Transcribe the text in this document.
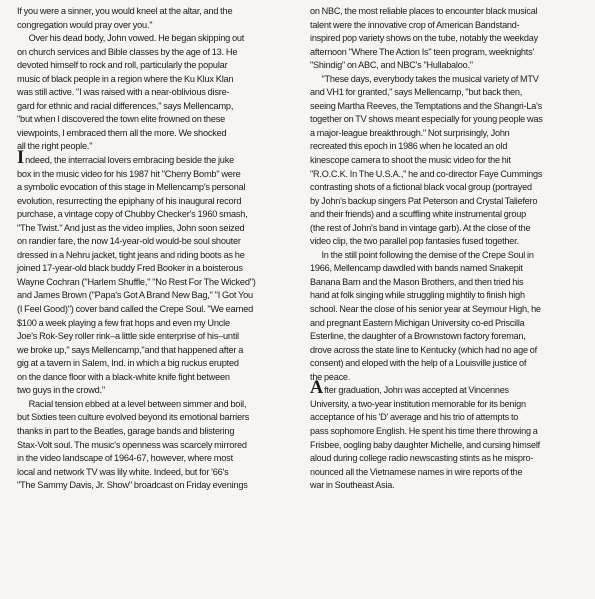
If you were a sinner, you would kneel at the altar, and the
congregation would pray over you."
Over his dead body, John vowed. He began skipping out
on church services and Bible classes by the age of 13. He
devoted himself to rock and roll, particularly the popular
music of black people in a region where the Ku Klux Klan
was still active. "I was raised with a near-oblivious disre-
gard for ethnic and racial differences," says Mellencamp,
"but when I discovered the town elite frowned on these
viewpoints, I embraced them all the more. We shocked
all the right people."
Indeed, the interracial lovers embracing beside the juke
box in the music video for his 1987 hit "Cherry Bomb" were
a symbolic evocation of this stage in Mellencamp's personal
evolution, resurrecting the epiphany of his inaugural record
purchase, a vintage copy of Chubby Checker's 1960 smash,
"The Twist." And just as the video implies, John soon seized
on randier fare, the now 14-year-old would-be soul shouter
dressed in a Nehru jacket, tight jeans and riding boots as he
joined 17-year-old black buddy Fred Booker in a boisterous
Wayne Cochran ("Harlem Shuffle," "No Rest For The Wicked")
and James Brown ("Papa's Got A Brand New Bag," "I Got You
(I Feel Good)") cover band called the Crepe Soul. "We earned
$100 a week playing a few frat hops and even my Uncle
Joe's Rok-Sey roller rink–a little side enterprise of his–until
we broke up," says Mellencamp,"and that happened after a
gig at a tavern in Salem, Ind. in which a big ruckus erupted
on the dance floor with a black-white knife fight between
two guys in the crowd."
Racial tension ebbed at a level between simmer and boil,
but Sixties teen culture evolved beyond its emotional barriers
thanks in part to the Beatles, garage bands and blistering
Stax-Volt soul. The music's openness was scarcely mirrored
in the video landscape of 1964-67, however, where most
local and network TV was lily white. Indeed, but for '66's
"The Sammy Davis, Jr. Show" broadcast on Friday evenings
on NBC, the most reliable places to encounter black musical
talent were the innovative crop of American Bandstand-
inspired pop variety shows on the tube, notably the weekday
afternoon "Where The Action Is" teen program, weeknights'
"Shindig" on ABC, and NBC's "Hullabaloo."
"These days, everybody takes the musical variety of MTV
and VH1 for granted," says Mellencamp, "but back then,
seeing Martha Reeves, the Temptations and the Shangri-La's
together on TV shows meant especially for young people was
a major-league breakthrough." Not surprisingly, John
recreated this epoch in 1986 when he located an old
kinescope camera to shoot the music video for the hit
"R.O.C.K. In The U.S.A.," he and co-director Faye Cummings
contrasting shots of a fictional black vocal group (portrayed
by John's backup singers Pat Peterson and Crystal Taliefero
and their friends) and a scuffling white instrumental group
(the rest of John's band in vintage garb). At the close of the
video clip, the two parallel pop fantasies fused together.
In the still point following the demise of the Crepe Soul in
1966, Mellencamp dawdled with bands named Snakepit
Banana Barn and the Mason Brothers, and then tried his
hand at folk singing while struggling mightily to finish high
school. Near the close of his senior year at Seymour High, he
and pregnant Eastern Michigan University co-ed Priscilla
Esterline, the daughter of a Brownstown factory foreman,
drove across the state line to Kentucky (which had no age of
consent) and eloped with the help of a Louisville justice of
the peace.
After graduation, John was accepted at Vincennes
University, a two-year institution memorable for its benign
acceptance of his 'D' average and his trio of attempts to
pass sophomore English. He spent his time there throwing a
Frisbee, oogling baby daughter Michelle, and cursing himself
aloud during college radio newscasting stints as he mispro-
nounced all the Vietnamese names in wire reports of the
war in Southeast Asia.
